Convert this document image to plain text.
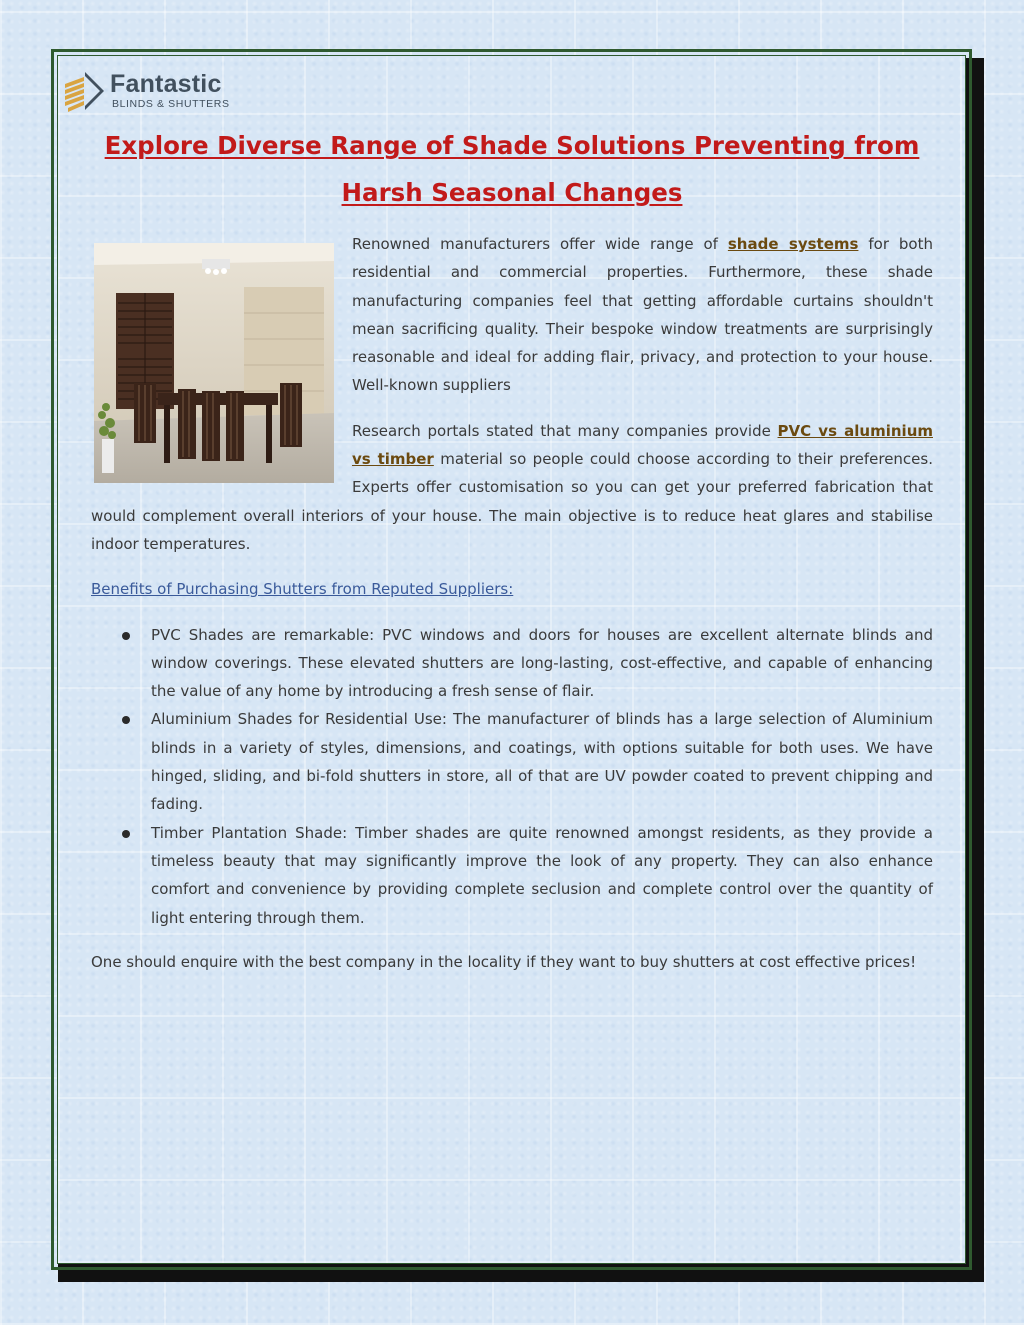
Fantastic
BLINDS & SHUTTERS
Explore Diverse Range of Shade Solutions Preventing from Harsh Seasonal Changes

Renowned manufacturers offer wide range of shade systems for both residential and commercial properties. Furthermore, these shade manufacturing companies feel that getting affordable curtains shouldn't mean sacrificing quality. Their bespoke window treatments are surprisingly reasonable and ideal for adding flair, privacy, and protection to your house. Well-known suppliers

Research portals stated that many companies provide PVC vs aluminium vs timber material so people could choose according to their preferences. Experts offer customisation so you can get your preferred fabrication that would complement overall interiors of your house. The main objective is to reduce heat glares and stabilise indoor temperatures.

Benefits of Purchasing Shutters from Reputed Suppliers:

PVC Shades are remarkable: PVC windows and doors for houses are excellent alternate blinds and window coverings. These elevated shutters are long-lasting, cost-effective, and capable of enhancing the value of any home by introducing a fresh sense of flair.
Aluminium Shades for Residential Use: The manufacturer of blinds has a large selection of Aluminium blinds in a variety of styles, dimensions, and coatings, with options suitable for both uses. We have hinged, sliding, and bi-fold shutters in store, all of that are UV powder coated to prevent chipping and fading.
Timber Plantation Shade: Timber shades are quite renowned amongst residents, as they provide a timeless beauty that may significantly improve the look of any property. They can also enhance comfort and convenience by providing complete seclusion and complete control over the quantity of light entering through them.

One should enquire with the best company in the locality if they want to buy shutters at cost effective prices!
